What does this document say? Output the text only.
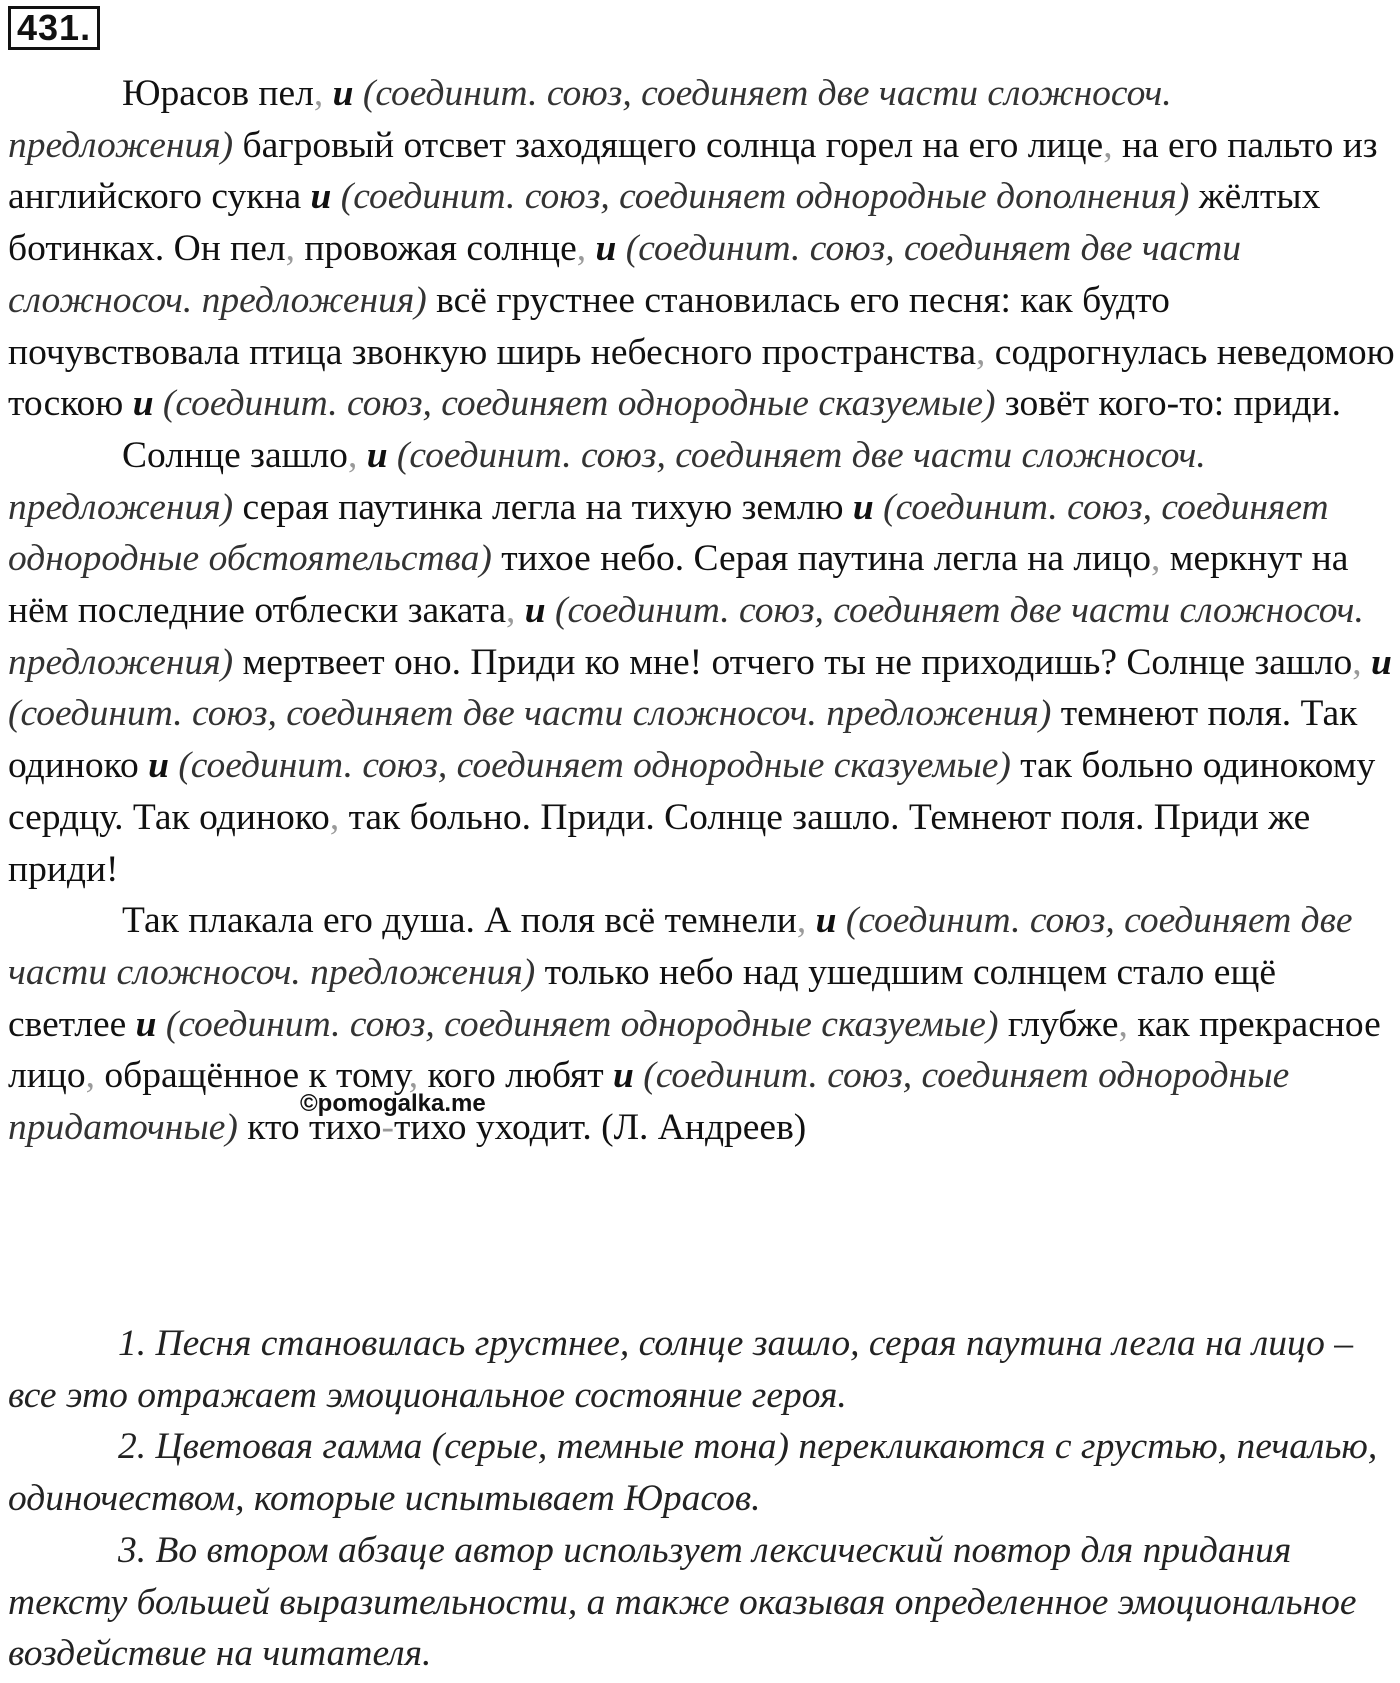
431.

Юрасов пел, и (соединит. союз, соединяет две части сложносоч. предложения) багровый отсвет заходящего солнца горел на его лице, на его пальто из английского сукна и (соединит. союз, соединяет однородные дополнения) жёлтых ботинках. Он пел, провожая солнце, и (соединит. союз, соединяет две части сложносоч. предложения) всё грустнее становилась его песня: как будто почувствовала птица звонкую ширь небесного пространства, содрогнулась неведомою тоскою и (соединит. союз, соединяет однородные сказуемые) зовёт кого-то: приди.

Солнце зашло, и (соединит. союз, соединяет две части сложносоч. предложения) серая паутинка легла на тихую землю и (соединит. союз, соединяет однородные обстоятельства) тихое небо. Серая паутина легла на лицо, меркнут на нём последние отблески заката, и (соединит. союз, соединяет две части сложносоч. предложения) мертвеет оно. Приди ко мне! отчего ты не приходишь? Солнце зашло, и (соединит. союз, соединяет две части сложносоч. предложения) темнеют поля. Так одиноко и (соединит. союз, соединяет однородные сказуемые) так больно одинокому сердцу. Так одиноко, так больно. Приди. Солнце зашло. Темнеют поля. Приди же приди!

Так плакала его душа. А поля всё темнели, и (соединит. союз, соединяет две части сложносоч. предложения) только небо над ушедшим солнцем стало ещё светлее и (соединит. союз, соединяет однородные сказуемые) глубже, как прекрасное лицо, обращённое к тому, кого любят и (соединит. союз, соединяет однородные придаточные) кто тихо-тихо уходит. (Л. Андреев)

©pomogalka.me

1. Песня становилась грустнее, солнце зашло, серая паутина легла на лицо – все это отражает эмоциональное состояние героя.

2. Цветовая гамма (серые, темные тона) перекликаются с грустью, печалью, одиночеством, которые испытывает Юрасов.

3. Во втором абзаце автор использует лексический повтор для придания тексту большей выразительности, а также оказывая определенное эмоциональное воздействие на читателя.
